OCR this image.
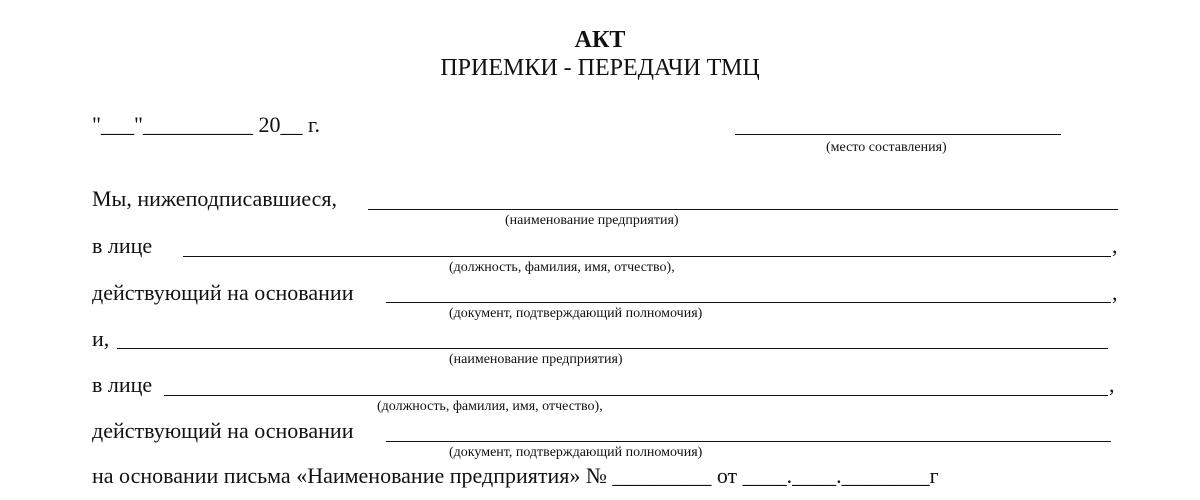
АКТ
ПРИЕМКИ - ПЕРЕДАЧИ ТМЦ
"___"__________ 20__ г.
(место составления)
Мы, нижеподписавшиеся,
(наименование предприятия)
в лице	,
(должность, фамилия, имя, отчество),
действующий на основании	,
(документ, подтверждающий полномочия)
и,
(наименование предприятия)
в лице	,
(должность, фамилия, имя, отчество),
действующий на основании
(документ, подтверждающий полномочия)
на основании письма «Наименование предприятия» № _________ от ____.____.________г
